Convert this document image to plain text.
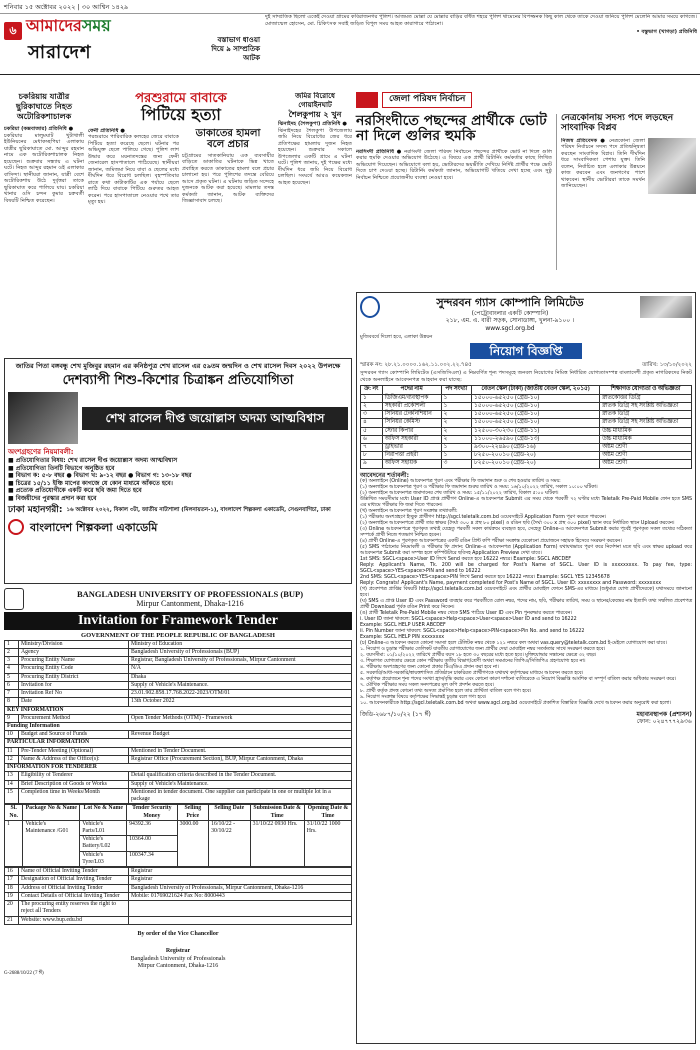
শনিবার ১৫ অক্টোবর ২০২২ | ৩০ আশ্বিন ১৪২৯
৬ আমাদেরসময়
সারাদেশ
বস্তাভাগ ধাওয়া দিয়ে ৯ সাম্প্রতিক আটক
দুই সাম্প্রতিক ছিলো একেই দেওয়া গ্রামের কবিরাজনগর পুলিশ। আজমত মোল্লা যে মোল্লার বাড়ির বর্ধিত শহরে পুলিশ থামেনের বিপজ্জনক কিছু কাল থেকে তাকে দেওয়া জনিয়ে পুলিশ মেলেনি আমার সময়ে কাগজে। মোজাম্মেল হোসেন, মো. চিকিৎসক সবাই জড়িত বিপুল সময় আহত কারাগারে পাঠানো।
• বস্তুভাগ (খাগড়া) প্রতিনিধি
চকরিয়ায় যাত্রীর ছুরিকাঘাতে নিহত অটোরিকশাচালক
চকরিয়া (কক্সবাজার) প্রতিনিধি ●
চকরিয়ার মালুমঘাট খুটাখালী ইউনিয়নের মেধাকচ্ছপিয়া এলাকায় যাত্রীর ছুরিকাঘাতে মো. আব্দুর রহমান নামে এক অটোরিকশাচালক নিহত হয়েছেন। শুক্রবার সন্ধ্যায় এ ঘটনা ঘটে। নিহত আব্দুর রহমান ওই এলাকার বাসিন্দা। স্থানীয়রা জানান, যাত্রী বেশে অটোরিকশায় উঠে দুর্বৃত্তরা তাকে ছুরিকাঘাত করে পালিয়ে যায়। চকরিয়া থানার ওসি চন্দন কুমার চক্রবর্তী বিষয়টি নিশ্চিত করেছেন।
পরশুরামে বাবাকে
পিটিয়ে হত্যা
ফেনী প্রতিনিধি ●
পরশুরামে পারিবারিক কলহের জেরে বাবাকে পিটিয়ে হত্যা করেছে ছেলে। ঘটনার পর অভিযুক্ত ছেলে পালিয়ে গেছে। পুলিশ লাশ উদ্ধার করে ময়নাতদন্তের জন্য ফেনী জেনারেল হাসপাতালে পাঠিয়েছে। স্থানীয়রা জানান, জমিজমা নিয়ে বাবা ও ছেলের মধ্যে দীর্ঘদিন ধরে বিরোধ চলছিল। বৃহস্পতিবার রাতে কথা কাটাকাটির এক পর্যায়ে ছেলে লাঠি দিয়ে বাবাকে পিটিয়ে গুরুতর আহত করেন। পরে হাসপাতালে নেওয়ার পথে তার মৃত্যু হয়।
ডাকাতের হামলা
বলে প্রচার
চট্টগ্রামের সাতকানিয়ায় এক ব্যবসায়ীর বাড়িতে ডাকাতির ঘটনাকে ভিন্ন খাতে প্রবাহিত করতে ডাকাতের হামলা বলে প্রচার চালানো হয়। পরে পুলিশের তদন্তে বেরিয়ে আসে প্রকৃত ঘটনা। এ ঘটনায় জড়িত সন্দেহে দুজনকে আটক করা হয়েছে। মামলার তদন্ত কর্মকর্তা জানান, আটক ব্যক্তিদের জিজ্ঞাসাবাদ চলছে।
জমির বিরোধে গোয়াইনঘাট
শৈলকুপায় ২ খুন
ঝিনাইদহ (শৈলকুপা) প্রতিনিধি ●
ঝিনাইদহের শৈলকুপা উপজেলায় জমি নিয়ে বিরোধের জের ধরে প্রতিপক্ষের হামলায় দুজন নিহত হয়েছেন। শুক্রবার সকালে উপজেলার একটি গ্রামে এ ঘটনা ঘটে। পুলিশ জানায়, দুই পক্ষের মধ্যে দীর্ঘদিন ধরে জমি নিয়ে বিরোধ চলছিল। সংঘর্ষে আরও কয়েকজন আহত হয়েছেন।
জেলা পরিষদ নির্বাচন
নরসিংদীতে পছন্দের প্রার্থীকে ভোট না দিলে গুলির হুমকি
নরসিংদী প্রতিনিধি ● নরসিংদী জেলা পরিষদ নির্বাচনে পছন্দের প্রার্থীকে ভোট না দিলে গুলি করার হুমকি দেওয়ার অভিযোগ উঠেছে। এ বিষয়ে এক প্রার্থী রিটার্নিং কর্মকর্তার কাছে লিখিত অভিযোগ দিয়েছেন। অভিযোগে বলা হয়, ভোটারদের ভয়ভীতি দেখিয়ে নির্দিষ্ট প্রার্থীর পক্ষে ভোট দিতে চাপ দেওয়া হচ্ছে। রিটার্নিং কর্মকর্তা জানান, অভিযোগটি খতিয়ে দেখা হচ্ছে এবং সুষ্ঠু নির্বাচন নিশ্চিতে প্রয়োজনীয় ব্যবস্থা নেওয়া হবে।
নেত্রকোনায় সদস্য পদে লড়ছেন সাংবাদিক বিপ্লব
নিজস্ব প্রতিবেদক ● নেত্রকোনা জেলা পরিষদ নির্বাচনে সদস্য পদে প্রতিদ্বন্দ্বিতা করছেন সাংবাদিক বিপ্লব। তিনি দীর্ঘদিন ধরে সাংবাদিকতা পেশায় যুক্ত। তিনি বলেন, নির্বাচিত হলে এলাকার উন্নয়নে কাজ করবেন এবং জনগণের পাশে থাকবেন। স্থানীয় ভোটাররা তাকে সমর্থন জানিয়েছেন।
সুন্দরবন গ্যাস কোম্পানি লিমিটেড
(পেট্রোবাংলার একটি কোম্পানি)
২১৮, এম. এ. বারী সড়ক, সোনাডাঙ্গা, খুলনা-৯১০০ ।
www.sgcl.org.bd
মুজিববর্ষে দিলো হবে, এলাকা উন্নয়ন
নিয়োগ বিজ্ঞপ্তি
স্মারক নং: ২৮.২১.০০০০.১৬২.১১.০০২.২২.৭৪৫	তারিখ: ১৩/১০/২০২২
সুন্দরবন গ্যাস কোম্পানি লিমিটেড (এসজিসিএল) এ নিম্নবর্ণিত শূন্য পদসমূহে জনবল নিয়োগের নিমিত্ত নির্ধারিত যোগ্যতাসম্পন্ন বাংলাদেশী প্রকৃত নাগরিকদের নিকট থেকে অনলাইনে আবেদনপত্র আহবান করা যাচ্ছে:
ক্র: নং	পদের নাম	পদ সংখ্যা	বেতন স্কেল (টাকা) (জাতীয় বেতন স্কেল, ২০১৫)	শিক্ষাগত যোগ্যতা ও অভিজ্ঞতা
১	ডিজিএম/ব্যবস্থাপক	১	১৫০০০-৬৫২৫০ (গ্রেড-১০)	স্নাতকোত্তর ডিগ্রি
২	সহকারী প্রকৌশলী	১	১৫০০০-৬৫২৫০ (গ্রেড-১০)	স্নাতক ডিগ্রি সহ সংশ্লিষ্ট অভিজ্ঞতা
৩	সিনিয়র টেকনিশিয়ান	২	১৫০০০-৬৫২৫০ (গ্রেড-১০)	স্নাতক ডিগ্রি
৪	সিনিয়র কেমিস্ট	২	১৫০০০-৬৫২৫০ (গ্রেড-১০)	স্নাতক ডিগ্রি সহ সংশ্লিষ্ট অভিজ্ঞতা
৫	স্টোর কিপার	২	১২৫০০-৩০২৩০ (গ্রেড-১১)	উচ্চ মাধ্যমিক
৬	অফিস সহকারী	২	১১০০০-২৬৫৯০ (গ্রেড-১৩)	উচ্চ মাধ্যমিক
৭	ড্রাইভার	১	৯৩০০-২২৪৯০ (গ্রেড-১৬)	অষ্টম শ্রেণী
৮	নিরাপত্তা প্রহরী	১	৮২৫০-২০০১০ (গ্রেড-২০)	অষ্টম শ্রেণী
৯	অফিস সহায়ক	৩	৮২৫০-২০০১০ (গ্রেড-২০)	অষ্টম শ্রেণী
আবেদনের শর্তাবলী:
(ক) অনলাইনে (Online) আবেদনপত্র পূরণ এবং পরীক্ষার ফি জমাদান শুরু ও শেষ হওয়ার তারিখ ও সময়:
(১) অনলাইনে আবেদনপত্র পূরণ ও পরীক্ষার ফি জমাদান শুরুর তারিখ ও সময়: ১৬/১০/২০২২ তারিখ, সকাল ১০:০০ ঘটিকা।
(২) অনলাইনে আবেদনপত্র জমাদানের শেষ তারিখ ও সময়: ১৫/১১/২০২২ তারিখ, বিকাল ৫:০০ ঘটিকা।
উল্লিখিত সময়সীমার মধ্যে User ID প্রাপ্ত প্রার্থীগণ Online-এ আবেদনপত্র Submit এর সময় থেকে পরবর্তী ৭২ ঘণ্টার মধ্যে Teletalk Pre-Paid Mobile ফোন হতে SMS এর মাধ্যমে পরীক্ষার ফি জমা দিতে পারবেন।
(খ) অনলাইনে আবেদনপত্র পূরণ সংক্রান্ত তথ্যাবলী:
(১) পরীক্ষায় অংশগ্রহণে ইচ্ছুক প্রার্থীগণ http://sgcl.teletalk.com.bd ওয়েবসাইটে Application Form পূরণ করতে পারবেন।
(২) অনলাইনে আবেদনপত্রে প্রার্থী তার স্বাক্ষর (দৈর্ঘ্য ৩০০ x প্রস্থ ৮০ pixel) ও রঙিন ছবি (দৈর্ঘ্য ৩০০ x প্রস্থ ৩০০ pixel) স্ক্যান করে নির্ধারিত স্থানে Upload করবেন।
(৩) Online আবেদনপত্রে পূরণকৃত তথ্যই যেহেতু পরবর্তী সকল কার্যক্রমে ব্যবহৃত হবে, সেহেতু Online-এ আবেদনপত্র Submit করার পূর্বেই পূরণকৃত সকল তথ্যের সঠিকতা সম্পর্কে প্রার্থী নিজে শতভাগ নিশ্চিত হবেন।
(৪) প্রার্থী Online-এ পূরণকৃত আবেদনপত্রের একটি রঙিন প্রিন্ট কপি পরীক্ষা সংক্রান্ত যেকোনো প্রয়োজনে সহায়ক হিসেবে সংরক্ষণ করবেন।
(৫) SMS পাঠানোর নিয়মাবলী ও পরীক্ষার ফি প্রদান: Online-এ আবেদনপত্র (Application Form) যথাযথভাবে পূরণ করে নির্দেশনা মতে ছবি এবং স্বাক্ষর upload করে আবেদনপত্র Submit করা সম্পন্ন হলে কম্পিউটারে ছবিসহ Application Preview দেখা যাবে।
1st SMS: SGCL<space>User ID লিখে Send করতে হবে 16222 নম্বরে। Example: SGCL ABCDEF
Reply: Applicant's Name, Tk. 200 will be charged for Post's Name of SGCL. User ID is xxxxxxxxx. To pay fee, type: SGCL<space>YES<space>PIN and send to 16222
2nd SMS: SGCL<space>YES<space>PIN লিখে Send করতে হবে 16222 নম্বরে। Example: SGCL YES 12345678
Reply: Congrats! Applicant's Name, payment completed for Post's Name of SGCL. User ID: xxxxxxxx and Password: xxxxxxxx
(গ) প্রবেশপত্র প্রাপ্তির বিষয়টি http://sgcl.teletalk.com.bd ওয়েবসাইটে এবং প্রার্থীর মোবাইল ফোনে SMS-এর মাধ্যমে (শুধুমাত্র যোগ্য প্রার্থীদেরকে) যথাসময়ে জানানো হবে।
(ঘ) SMS এ প্রাপ্ত User ID এবং Password ব্যবহার করে পরবর্তীতে রোল নম্বর, পদের নাম, ছবি, পরীক্ষার তারিখ, সময় ও স্থানের/কেন্দ্রের নাম ইত্যাদি তথ্য সম্বলিত প্রবেশপত্র প্রার্থী Download পূর্বক রঙিন Print করে নিবেন।
(ঙ) প্রার্থী Teletalk Pre-Paid Mobile নম্বর থেকে SMS পাঠিয়ে User ID এবং Pin পুনরুদ্ধার করতে পারবেন।
i. User ID জানা থাকলে: SGCL<space>Help<space>User<space>User ID and send to 16222
Example: SGCL HELP USER ABCDEF
ii. Pin Number জানা থাকলে: SGCL<space>Help<space>PIN<space>Pin No. and send to 16222
Example: SGCL HELP PIN xxxxxxxx
(চ) Online-এ আবেদন করতে কোনো সমস্যা হলে টেলিটক নম্বর থেকে ১২১ নম্বরে কল অথবা vas.query@teletalk.com.bd ই-মেইলে যোগাযোগ করা যাবে।
১. নিয়োগ ও চূড়ান্ত পরীক্ষার তেলিকট যাবতীয় যোগাযোগের জন্য প্রার্থীর দেয়া মোবাইল নম্বর সতর্কতার সাথে সংরক্ষণ করতে হবে।
২. বয়সসীমা: ০১/১০/২০২২ তারিখে প্রার্থীর বয়স ১৮ হতে ৩০ বছরের মধ্যে হতে হবে। মুক্তিযোদ্ধার সন্তানের ক্ষেত্রে ৩২ বছর।
৩. শিক্ষাগত যোগ্যতার ক্ষেত্রে কোন পরীক্ষায় তৃতীয় বিভাগ/শ্রেণী অথবা সমমানের জিপিএ/সিজিপিএ গ্রহণযোগ্য হবে না।
৪. পরীক্ষায় অংশগ্রহণের জন্য কোনো প্রকার টিএ/ডিএ প্রদান করা হবে না।
৫. সরকারি/আধা-সরকারি/স্বায়ত্তশাসিত প্রতিষ্ঠানে চাকরিরত প্রার্থীগণকে যথাযথ কর্তৃপক্ষের মাধ্যমে আবেদন করতে হবে।
৬. কর্তৃপক্ষ প্রয়োজনে শূন্য পদের সংখ্যা হ্রাস/বৃদ্ধি করার এবং কোনো কারণ দর্শানো ব্যতিরেকে এ নিয়োগ বিজ্ঞপ্তি আংশিক বা সম্পূর্ণ বাতিল করার অধিকার সংরক্ষণ করে।
৭. মৌখিক পরীক্ষার সময় সকল সনদপত্রের মূল কপি প্রদর্শন করতে হবে।
৮. প্রার্থী কর্তৃক প্রদত্ত কোনো তথ্য অসত্য প্রমাণিত হলে তার প্রার্থিতা বাতিল বলে গণ্য হবে।
৯. নিয়োগ সংক্রান্ত বিষয়ে কর্তৃপক্ষের সিদ্ধান্তই চূড়ান্ত বলে গণ্য হবে।
১০. আবেদনকারীকে http://sgcl.teletalk.com.bd অথবা www.sgcl.org.bd ওয়েবসাইটে প্রকাশিত বিস্তারিত বিজ্ঞপ্তি দেখে আবেদন করার অনুরোধ করা হলো।
জিডি-২৬৮৭/১০/২২ (১৭ ঈঁ)	মহাব্যবস্থাপক (প্রশাসন)
ফোন: ০২৪৭৭৭২৯৩৬
জাতির পিতা বঙ্গবন্ধু শেখ মুজিবুর রহমান এর কনিষ্ঠপুত্র শেখ রাসেল এর ৫৯তম জন্মদিন ও শেখ রাসেল দিবস ২০২২ উপলক্ষে
দেশব্যাপী শিশু-কিশোর চিত্রাঙ্কন প্রতিযোগিতা
শেখ রাসেল দীপ্ত জয়োল্লাস অদম্য আত্মবিশ্বাস
অংশগ্রহণের নিয়মাবলী:
■ প্রতিযোগিতার বিষয়: শেখ রাসেল দীপ্ত জয়োল্লাস অদম্য আত্মবিশ্বাস
■ প্রতিযোগিতা তিনটি বিভাগে অনুষ্ঠিত হবে
■ বিভাগ ক: ৫-৮ বছর ● বিভাগ খ: ৯-১২ বছর ● বিভাগ গ: ১৩-১৮ বছর
■ চিত্রের ১৫/১১ ইঞ্চি মাপের কাগজে যে কোন মাধ্যমে আঁকতে হবে।
■ প্রত্যেক প্রতিযোগীকে একটি করে ছবি জমা দিতে হবে
■ বিজয়ীদের পুরস্কার প্রদান করা হবে
ঢাকা মহানগরী: ১৬ অক্টোবর ২০২২, বিকাল ৩টা, জাতীয় নাট্যশালা (মিলনায়তন-১), বাংলাদেশ শিল্পকলা একাডেমি, সেগুনবাগিচা, ঢাকা
বাংলাদেশ শিল্পকলা একাডেমি
BANGLADESH UNIVERSITY OF PROFESSIONALS (BUP)
Mirpur Cantonment, Dhaka-1216
Invitation for Framework Tender
GOVERNMENT OF THE PEOPLE REPUBLIC OF BANGLADESH
1	Ministry/Division	Ministry of Education
2	Agency	Bangladesh University of Professionals (BUP)
3	Procuring Entity Name	Registrar, Bangladesh University of Professionals, Mirpur Cantonment
4	Procuring Entity Code	N/A
5	Procuring Entity District	Dhaka
6	Invitation for	Supply of Vehicle's Maintenance.
7	Invitation Ref No	23.01.902.858.17.768.2022-2023/OTM/01
8	Date	13th October 2022
KEY INFORMATION		
9	Procurement Method	Open Tender Methods (OTM) - Framework
Funding Information		
10	Budget and Source of Funds	Revenue Budget
PARTICULAR INFORMATION		
11	Pre-Tender Meeting (Optional)	Mentioned in Tender Document.
12	Name & Address of the Office(s):	Registrar Office (Procurement Section), BUP, Mirpur Cantonment, Dhaka
INFORMATION FOR TENDERER		
13	Eligibility of Tenderer	Detail qualification criteria described in the Tender Document.
14	Brief Description of Goods or Works	Supply of Vehicle's Maintenance.
15	Completion time in Weeks/Month	Mentioned in tender document. One supplier can participate in one or multiple lot in a package
Sl. No.	Package No & Name	Lot No & Name	Tender Security Money	Selling Price	Selling Date	Submission Date & Time	Opening Date & Time
1	Vehicle's Maintenance /G01	Vehicle's Parts/L01	94392.36	3000.00	16/10/22 - 30/10/22	31/10/22 0930 Hrs.	31/10/22 1000 Hrs.
		Vehicle's Battery/L02	10364.00				
		Vehicle's Tyre/L03	100347.34				
16	Name of Official Inviting Tender	Registrar
17	Designation of Official Inviting Tender	Registrar
18	Address of Official Inviting Tender	Bangladesh University of Professionals, Mirpur Cantonment, Dhaka-1216
19	Contact Details of Official Inviting Tender	Mobile: 01769021624 Fax No: 8000443
20	The procuring entity reserves the right to reject all Tenders	
21	Website: www.bup.edu.bd	
By order of the Vice Chancellor
Registrar
Bangladesh University of Professionals
Mirpur Cantonment, Dhaka-1216
G-2688/10/22 (7 ঈঁ)
